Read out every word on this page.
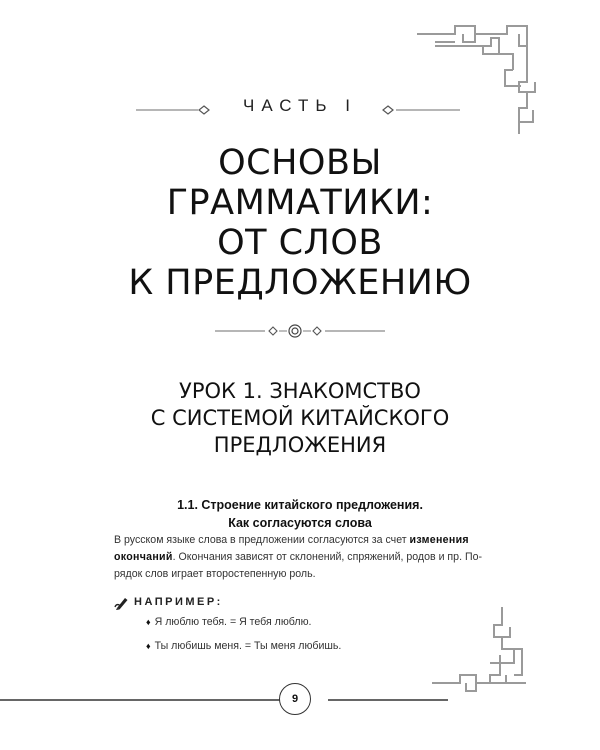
ЧАСТЬ I
ОСНОВЫ
ГРАММАТИКИ:
ОТ СЛОВ
К ПРЕДЛОЖЕНИЮ
УРОК 1. ЗНАКОМСТВО
С СИСТЕМОЙ КИТАЙСКОГО
ПРЕДЛОЖЕНИЯ
1.1. Строение китайского предложения.
Как согласуются слова
В русском языке слова в предложении согласуются за счет изменения
окончаний. Окончания зависят от склонений, спряжений, родов и пр. По-
рядок слов играет второстепенную роль.
НАПРИМЕР:
♦ Я люблю тебя. = Я тебя люблю.
♦ Ты любишь меня. = Ты меня любишь.
9
